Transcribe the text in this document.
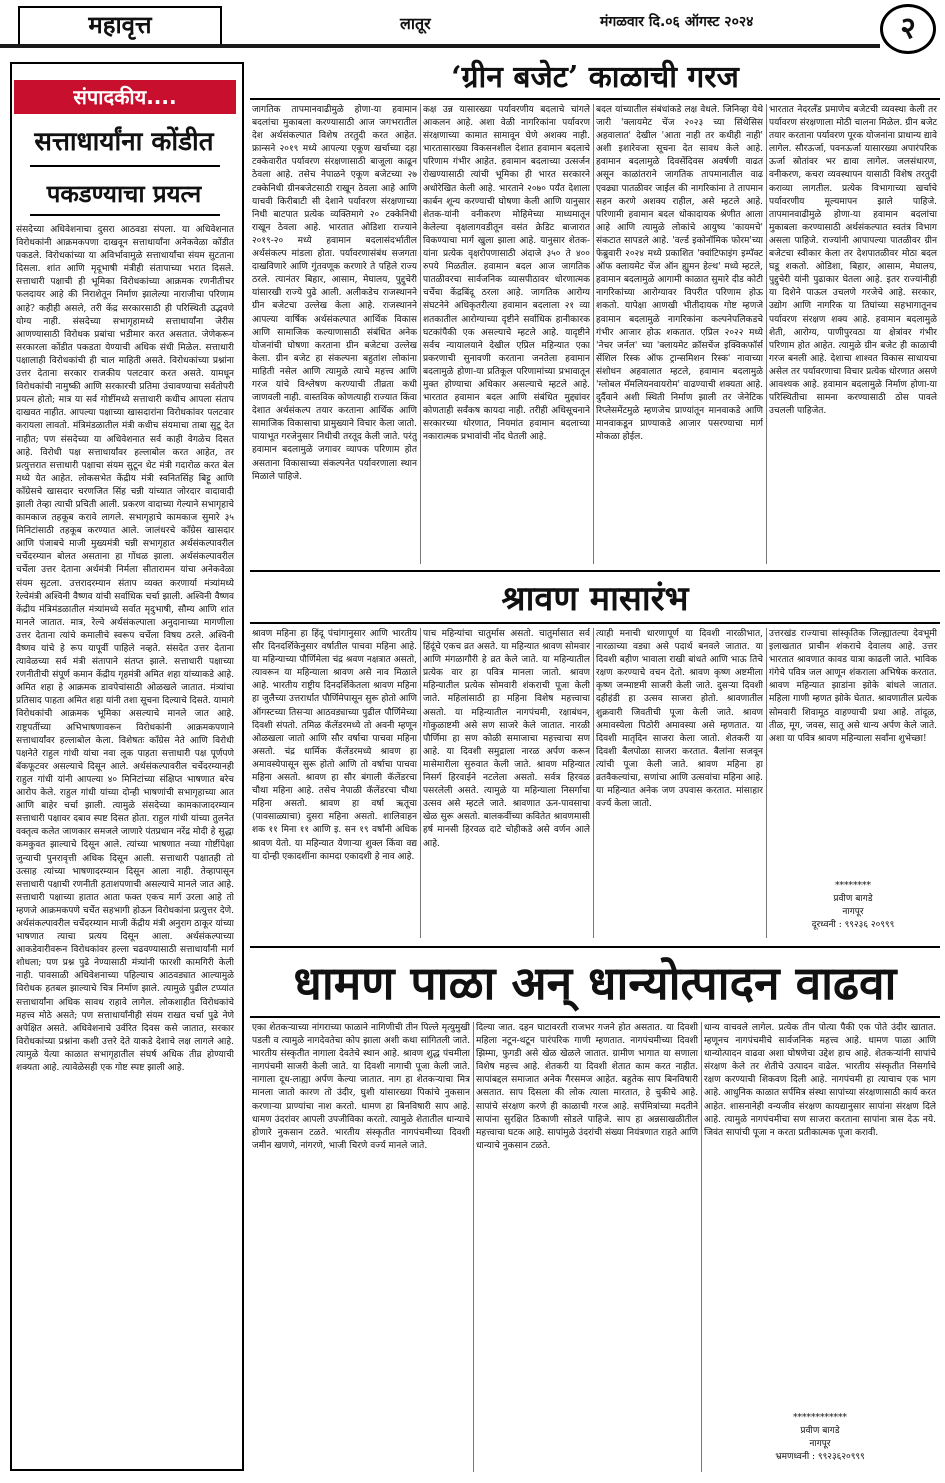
महावृत्त	लातूर	मंगळवार दि.०६ ऑगस्ट २०२४	२
संपादकीय....
सत्ताधार्यांना कोंडीत
पकडण्याचा प्रयत्न
संसदेच्या अधिवेशनाचा दुसरा आठवडा संपला. या अधिवेशनात विरोधकांनी आक्रमकपणा दाखवून सत्ताधार्यांना अनेकवेळा कोंडीत पकडले. विरोधकांच्या या अविर्भावामुळे सत्ताधार्यांचा संयम सुटताना दिसला. शांत आणि मृदूभाषी मंत्रीही संतापाच्या भरात दिसले. सत्ताधारी पक्षाची ही भूमिका विरोधकांच्या आक्रमक रणनीतीचर फलदायर आहे की निराशेतून निर्माण झालेल्या नाराजीचा परिणाम आहे? कहीही असले, तरी केंद्र सरकारसाठी ही परिस्थिती उद्भवणे योग्य नाही. संसदेच्या सभागृहामध्ये सत्ताधार्यांना जेरीस आणण्यासाठी विरोधक प्रबांचा भडीमार करत असतात. जेणेकरून सरकारला कोंडीत पकडता येण्याची अधिक संधी मिळेल. सत्ताधारी पक्षालाही विरोधकांची ही चाल माहिती असते. विरोधकांच्या प्रश्नांना उत्तर देताना सरकार राजकीय पलटवार करत असते. यामधून विरोधकांची नामुष्की आणि सरकारची प्रतिमा उंचावण्याचा सर्वतोपरी प्रयत्न होतो; मात्र या सर्व गोष्टींमध्ये सत्ताधारी कधीच आपला संताप दाखवत नाहीत. आपल्या पक्षाच्या खासदारांना विरोधकांवर पलटवार करायला लावतो. मंत्रिमंडळातील मंत्री कधीच संयमाचा ताबा सुटू देत नाहीत; पण संसदेच्या या अधिवेशनात सर्व काही वेगळेच दिसत आहे. विरोधी पक्ष सत्ताधार्यांवर हल्लाबोल करत आहेत, तर प्रत्युत्तरात सत्ताधारी पक्षाचा संयम सुटून थेट मंत्री गदारोळ करत बेल मध्ये येत आहेत. लोकसभेत केंद्रीय मंत्री स्वनितसिंह बिट्टू आणि काँग्रेसचे खासदार चरणजित सिंह चन्नी यांच्यात जोरदार वादावादी झाली तेव्हा त्याची प्रचिती आली. प्रकरण वादाच्या गेल्याने सभागृहाचे कामकाज तहकूब करावे लागले. सभागृहाचे कामकाज सुमारे ३५ मिनिटांसाठी तहकूब करण्यात आले. जालंधरचे काँग्रेस खासदार आणि पंजाबचे माजी मुख्यमंत्री चन्नी सभागृहात अर्थसंकल्पावरील चर्चेदरम्यान बोलत असताना हा गोंधळ झाला. अर्थसंकल्पावरील चर्चेला उत्तर देताना अर्थमंत्री निर्मला सीतारामन यांचा अनेकवेळा संयम सुटला. उत्तरादरम्यान संताप व्यक्त करणार्या मंत्र्यांमध्ये रेल्वेमंत्री अश्विनी वैष्णव यांची सर्वाधिक चर्चा झाली. अश्विनी वैष्णव केंद्रीय मंत्रिमंडळातील मंत्र्यांमध्ये सर्वात मृदुभाषी, सौम्य आणि शांत मानले जातात. मात्र, रेल्वे अर्थसंकल्पाला अनुदानाच्या मागणीला उत्तर देताना त्यांचे कमालीचे स्वरूप चर्चेला विषय ठरले. अश्विनी वैष्णव यांचे हे रूप यापूर्वी पाहिले नव्हते. संसदेत उत्तर देताना त्यावेळच्या सर्व मंत्री संतापाने संतप्त झाले. सत्ताधारी पक्षाच्या रणनीतीची संपूर्ण कमान केंद्रीय गृहमंत्री अमित शहा यांच्याकडे आहे. अमित शहा हे आक्रमक डावपेचांसाठी ओळखले जातात. मंत्र्यांचा प्रतिसाद पाहता अमित शहा यांनी तशा सूचना दिल्याचे दिसते. यामागे विरोधकांची आक्रमक भूमिका असल्याचे मानले जात आहे. राष्ट्रपतींच्या अभिभाषणावरून विरोधकांनी आक्रमकपणाने सत्ताधार्यांवर हल्लाबोल केला. विशेषतः काँग्रेस नेते आणि विरोधी पक्षनेते राहुल गांधी यांचा नवा लूक पाहता सत्ताधारी पक्ष पूर्णपणे बॅकफूटवर असल्याचे दिसून आले. अर्थसंकल्पावरील चर्चेदरम्यानही राहुल गांधी यांनी आपल्या ४० मिनिटांच्या संक्षिप्त भाषणात बरेच आरोप केले. राहुल गांधी यांच्या दोन्ही भाषणांची सभागृहाच्या आत आणि बाहेर चर्चा झाली. त्यामुळे संसदेच्या कामकाजादरम्यान सत्ताधारी पक्षावर दबाव स्पष्ट दिसत होता. राहुल गांधी यांच्या तुलनेत वक्तृत्व कलेत जाणकार समजले जाणारे पंतप्रधान नरेंद्र मोदी हे सुद्धा कमकुवत झाल्याचे दिसून आले. त्यांच्या भाषणात नव्या गोष्टींपेक्षा जुन्याची पुनरावृत्ती अधिक दिसून आली. सत्ताधारी पक्षातही तो उत्साह त्यांच्या भाषणादरम्यान दिसून आला नाही. तेव्हापासून सत्ताधारी पक्षाची रणनीती हताशपणाची असल्याचे मानले जात आहे. सत्ताधारी पक्षाच्या हातात आता फक्त एकच मार्ग उरला आहे तो म्हणजे आक्रमकपणे चर्चेत सहभागी होऊन विरोधकांना प्रत्युत्तर देणे. अर्थसंकल्पावरील चर्चेदरम्यान माजी केंद्रीय मंत्री अनुराग ठाकूर यांच्या भाषणात त्याचा प्रत्यय दिसून आला. अर्थसंकल्पाच्या आकडेवारीवरून विरोधकांवर हल्ला चढवण्यासाठी सत्ताधार्यांनी मार्ग शोधला; पण प्रश्न पुढे नेण्यासाठी मंत्र्यांनी फारशी कामगिरी केली नाही. पावसाळी अधिवेशनाच्या पहिल्याच आठवड्यात आल्यामुळे विरोधक हतबल झाल्याचे चित्र निर्माण झाले. त्यामुळे पुढील टप्प्यांत सत्ताधार्यांना अधिक सावध राहावे लागेल. लोकशाहीत विरोधकांचे महत्त्व मोठे असते; पण सत्ताधार्यांनीही संयम राखत चर्चा पुढे नेणे अपेक्षित असते. अधिवेशनाचे उर्वरित दिवस कसे जातात, सरकार विरोधकांच्या प्रश्नांना कशी उत्तरे देते याकडे देशाचे लक्ष लागले आहे. त्यामुळे येत्या काळात सभागृहातील संघर्ष अधिक तीव्र होण्याची शक्यता आहे. त्यावेळेसही एक गोष्ट स्पष्ट झाली आहे.
‘ग्रीन बजेट’ काळाची गरज
जागतिक तापमानवाढीमुळे होणा-या हवामान बदलांचा मुकाबला करण्यासाठी आज जगभरातील देश अर्थसंकल्पात विशेष तरतुदी करत आहेत. फ्रान्सने २०१९ मध्ये आपल्या एकूण खर्चाच्या दहा टक्केवारीत पर्यावरण संरक्षणासाठी बाजूला काढून ठेवला आहे. तसेच नेपाळने एकूण बजेटच्या २७ टक्केनिधी ग्रीनबजेटसाठी राखून ठेवला आहे आणि याचवी किरीबाटी सी देशाने पर्यावरण संरक्षणाच्या निधी बाटपात प्रत्येक व्यक्तिमागे २० टक्केनिधी राखून ठेवला आहे. भारतात ओडिशा राज्याने २०१९-२० मध्ये हवामान बदलासंदर्भातील अर्थसंकल्प मांडला होता. पर्यावरणासंबंध सजगता दाखविणारे आणि गुंतवणूक करणारे ते पहिले राज्य ठरले. त्यानंतर बिहार, आसाम, मेघालय, पुद्दुचेरी यांसारखी राज्ये पुढे आली. अलीकडेच राजस्थानने ग्रीन बजेटचा उल्लेख केला आहे. राजस्थानने आपल्या वार्षिक अर्थसंकल्पात आर्थिक विकास आणि सामाजिक कल्याणासाठी संबंधित अनेक योजनांची घोषणा करताना ग्रीन बजेटचा उल्लेख केला. ग्रीन बजेट हा संकल्पना बहुतांश लोकांना माहिती नसेल आणि त्यामुळे त्याचे महत्त्व आणि गरज यांचे विश्लेषण करण्याची तीव्रता कधी जाणवली नाही. वास्तविक कोणत्याही राज्यात किंवा देशात अर्थसंकल्प तयार करताना आर्थिक आणि सामाजिक विकासाचा प्रामुख्याने विचार केला जातो. पायाभूत गरजेनुसार निधीची तरतूद केली जाते. परंतु हवामान बदलामुळे जगावर व्यापक परिणाम होत असताना विकासाच्या संकल्पनेत पर्यावरणाला स्थान मिळाले पाहिजे.
कक्ष उन्न यासारख्या पर्यावरणीय बदलाचे चांगले आकलन आहे. अशा वेळी नागरिकांना पर्यावरण संरक्षणाच्या कामात सामावून घेणे अशक्य नाही. भारतासारख्या विकसनशील देशात हवामान बदलाचे परिणाम गंभीर आहेत. हवामान बदलाच्या उत्सर्जन रोखण्यासाठी त्यांची भूमिका ही भारत सरकारने अधोरेखित केली आहे. भारताने २०७० पर्यंत देशाला कार्बन शून्य करण्याची घोषणा केली आणि यानुसार शेतक-यांनी वनीकरण मोहिमेच्या माध्यमातून केलेल्या वृक्षलागवडीतून वसंत क्रेडिट बाजारात विकण्याचा मार्ग खुला झाला आहे. यानुसार शेतक-यांना प्रत्येक वृक्षरोपणासाठी अंदाजे ३५० ते ४०० रुपये मिळतील. हवामान बदल आज जागतिक पातळीवरचा सार्वजनिक व्यासपीठावर धोरणात्मक चर्चेचा केंद्रबिंदू ठरला आहे. जागतिक आरोग्य संघटनेने अधिकृतरीत्या हवामान बदलाला २१ व्या शतकातील आरोग्याच्या दृष्टीने सर्वाधिक हानीकारक घटकांपैकी एक असल्याचे म्हटले आहे. यादृष्टीने सर्वच न्यायालयाने देखील एप्रिल महिन्यात एका प्रकरणाची सुनावणी करताना जनतेला हवामान बदलामुळे होणा-या प्रतिकूल परिणामांच्या प्रभावातून मुक्त होण्याचा अधिकार असल्याचे म्हटले आहे. भारतात हवामान बदल आणि संबंधित मुद्द्यांवर कोणताही सर्वंकष कायदा नाही. तरीही अधिसूचनाने सरकारच्या धोरणात, नियमांत हवामान बदलाच्या नकारात्मक प्रभावांची नोंद घेतली आहे.
बदल यांच्यातील संबंधांकडे लक्ष वेधले. जिनिव्हा येथे जारी 'क्लायमेट चेंज २०२३ च्या सिंथेसिस अहवालात' देखील 'आता नाही तर कधीही नाही' अशी इशारेवजा सूचना देत सावध केले आहे. हवामान बदलामुळे दिवसेंदिवस अवर्षणी वाढत असून काळांतराने जागतिक तापमानातील वाढ एवढ्या पातळीवर जाईल की नागरिकांना ते तापमान सहन करणे अशक्य राहील, असे म्हटले आहे. परिणामी हवामान बदल धोकादायक श्रेणीत आला आहे आणि त्यामुळे लोकांचे आयुष्य 'कायमचे' संकटात सापडले आहे. 'वर्ल्ड इकोनॉमिक फोरम'च्या फेब्रुवारी २०२४ मध्ये प्रकाशित 'क्वांटिफाइंग इम्पॅक्ट ऑफ क्लायमेट चेंज ऑन ह्युमन हेल्थ' मध्ये म्हटले, हवामान बदलामुळे आगामी काळात सुमारे दीड कोटी नागरिकांच्या आरोग्यावर विपरीत परिणाम होऊ शकतो. यापेक्षा आणखी भीतीदायक गोष्ट म्हणजे हवामान बदलामुळे नागरिकांना कल्पनेपलिकडचे गंभीर आजार होऊ शकतात. एप्रिल २०२२ मध्ये 'नेचर जर्नल' च्या 'क्लायमेट क्रॉसचेंज इक्विकफॉर्स सेंशिल रिस्क ऑफ ट्रान्समिशन रिस्क' नावाच्या संशोधन अहवालात म्हटले, हवामान बदलामुळे 'ग्लोबल मॅमलियनवायरोम' वाढण्याची शक्यता आहे. दुर्दैवाने अशी स्थिती निर्माण झाली तर जेनेटिक रिप्लेसमेंटमुळे म्हणजेच प्राण्यांतून मानवाकडे आणि मानवाकडून प्राण्याकडे आजार पसरण्याचा मार्ग मोकळा होईल.
भारतात नेदरलँड प्रमाणेच बजेटची व्यवस्था केली तर पर्यावरण संरक्षणाला मोठी चालना मिळेल. ग्रीन बजेट तयार करताना पर्यावरण पूरक योजनांना प्राधान्य द्यावे लागेल. सौरऊर्जा, पवनऊर्जा यासारख्या अपारंपरिक ऊर्जा स्रोतांवर भर द्यावा लागेल. जलसंधारण, वनीकरण, कचरा व्यवस्थापन यासाठी विशेष तरतुदी कराव्या लागतील. प्रत्येक विभागाच्या खर्चाचे पर्यावरणीय मूल्यमापन झाले पाहिजे. तापमानवाढीमुळे होणा-या हवामान बदलांचा मुकाबला करण्यासाठी अर्थसंकल्पात स्वतंत्र विभाग असला पाहिजे. राज्यांनी आपापल्या पातळीवर ग्रीन बजेटचा स्वीकार केला तर देशपातळीवर मोठा बदल घडू शकतो. ओडिशा, बिहार, आसाम, मेघालय, पुद्दुचेरी यांनी पुढाकार घेतला आहे. इतर राज्यांनीही या दिशेने पाऊल उचलणे गरजेचे आहे. सरकार, उद्योग आणि नागरिक या तिघांच्या सहभागातूनच पर्यावरण संरक्षण शक्य आहे. हवामान बदलामुळे शेती, आरोग्य, पाणीपुरवठा या क्षेत्रांवर गंभीर परिणाम होत आहेत. त्यामुळे ग्रीन बजेट ही काळाची गरज बनली आहे. देशाचा शाश्वत विकास साधायचा असेल तर पर्यावरणाचा विचार प्रत्येक धोरणात असणे आवश्यक आहे. हवामान बदलामुळे निर्माण होणा-या परिस्थितीचा सामना करण्यासाठी ठोस पावले उचलली पाहिजेत.
श्रावण मासारंभ
श्रावण महिना हा हिंदू पंचांगानुसार आणि भारतीय सौर दिनदर्शिकेनुसार वर्षातील पाचवा महिना आहे. या महिन्याच्या पौर्णिमेला चंद्र श्रवण नक्षत्रात असतो, त्यावरून या महिन्याला श्रावण असे नाव मिळाले आहे. भारतीय राष्ट्रीय दिनदर्शिकेतला श्रावण महिना हा जुलैच्या उत्तरार्धात पौर्णिमेपासून सुरू होतो आणि ऑगस्टच्या तिसऱ्या आठवड्याच्या पुढील पौर्णिमेच्या दिवशी संपतो. तमिळ कॅलेंडरमध्ये तो अवनी म्हणून ओळखला जातो आणि सौर वर्षाचा पाचवा महिना असतो. चंद्र धार्मिक कॅलेंडरमध्ये श्रावण हा अमावस्येपासून सुरू होतो आणि तो वर्षाचा पाचवा महिना असतो. श्रावण हा सौर बंगाली कॅलेंडरचा चौथा महिना आहे. तसेच नेपाळी कॅलेंडरचा चौथा महिना असतो. श्रावण हा वर्षा ऋतूचा (पावसाळ्याचा) दुसरा महिना असतो. शालिवाहन शक ११ मिना ११ आणि इ. सन १९ वर्षांनी अधिक श्रावण येतो. या महिन्यात येणाऱ्या शुक्ल किंवा वद्य या दोन्ही एकादशींना कामदा एकादशी हे नाव आहे.
पाच महिन्यांचा चातुर्मास असतो. चातुर्मासात सर्व हिंदूंचे एकच व्रत असते. या महिन्यात श्रावण सोमवार आणि मंगळागौरी हे व्रत केले जाते. या महिन्यातील प्रत्येक वार हा पवित्र मानला जातो. श्रावण महिन्यातील प्रत्येक सोमवारी शंकराची पूजा केली जाते. महिलांसाठी हा महिना विशेष महत्त्वाचा असतो. या महिन्यातील नागपंचमी, रक्षाबंधन, गोकुळाष्टमी असे सण साजरे केले जातात. नारळी पौर्णिमा हा सण कोळी समाजाचा महत्त्वाचा सण आहे. या दिवशी समुद्राला नारळ अर्पण करून मासेमारीला सुरुवात केली जाते. श्रावण महिन्यात निसर्ग हिरवाईने नटलेला असतो. सर्वत्र हिरवळ पसरलेली असते. त्यामुळे या महिन्याला निसर्गाचा उत्सव असे म्हटले जाते. श्रावणात ऊन-पावसाचा खेळ सुरू असतो. बालकवींच्या कवितेत श्रावणमासी हर्ष मानसी हिरवळ दाटे चोहीकडे असे वर्णन आले आहे.
त्याही मनाची धारणापूर्ण या दिवशी नारळीभात, नारळाच्या वड्या असे पदार्थ बनवले जातात. या दिवशी बहीण भावाला राखी बांधते आणि भाऊ तिचे रक्षण करण्याचे वचन देतो. श्रावण कृष्ण अष्टमीला कृष्ण जन्माष्टमी साजरी केली जाते. दुसऱ्या दिवशी दहीहंडी हा उत्सव साजरा होतो. श्रावणातील शुक्रवारी जिवतीची पूजा केली जाते. श्रावण अमावस्येला पिठोरी अमावस्या असे म्हणतात. या दिवशी मातृदिन साजरा केला जातो. शेतकरी या दिवशी बैलपोळा साजरा करतात. बैलांना सजवून त्यांची पूजा केली जाते. श्रावण महिना हा व्रतवैकल्यांचा, सणांचा आणि उत्सवांचा महिना आहे. या महिन्यात अनेक जण उपवास करतात. मांसाहार वर्ज्य केला जातो.
उत्तरखंड राज्याचा सांस्कृतिक जिल्ह्यातल्या देवभूमी इलाखतात प्राचीन शंकराचे देवालय आहे. उत्तर भारतात श्रावणात कावड यात्रा काढली जाते. भाविक गंगेचे पवित्र जल आणून शंकराला अभिषेक करतात. श्रावण महिन्यात झाडांना झोके बांधले जातात. महिला गाणी म्हणत झोके घेतात. श्रावणातील प्रत्येक सोमवारी शिवामूठ वाहण्याची प्रथा आहे. तांदूळ, तीळ, मूग, जवस, सातू असे धान्य अर्पण केले जाते. अशा या पवित्र श्रावण महिन्याला सर्वांना शुभेच्छा!
********
प्रवीण बागडे
नागपूर
दूरध्वनी : ९९२३६ २०९९९
धामण पाळा अन् धान्योत्पादन वाढवा
एका शेतकऱ्याच्या नांगराच्या फाळाने नागिणीची तीन पिल्ले मृत्युमुखी पडली व त्यामुळे नागदेवतेचा कोप झाला अशी कथा सांगितली जाते. भारतीय संस्कृतीत नागाला देवतेचे स्थान आहे. श्रावण शुद्ध पंचमीला नागपंचमी साजरी केली जाते. या दिवशी नागाची पूजा केली जाते. नागाला दूध-लाह्या अर्पण केल्या जातात. नाग हा शेतकऱ्याचा मित्र मानला जातो कारण तो उंदीर, घुशी यांसारख्या पिकांचे नुकसान करणाऱ्या प्राण्यांचा नाश करतो. धामण हा बिनविषारी साप आहे. धामण उंदरांवर आपली उपजीविका करतो. त्यामुळे शेतातील धान्याचे होणारे नुकसान टळते. भारतीय संस्कृतीत नागपंचमीच्या दिवशी जमीन खणणे, नांगरणे, भाजी चिरणे वर्ज्य मानले जाते.
दिल्या जात. दहन घाटावरती राजभर गजने होत असतात. या दिवशी महिला नटून-थटून पारंपरिक गाणी म्हणतात. नागपंचमीच्या दिवशी झिम्मा, फुगडी असे खेळ खेळले जातात. ग्रामीण भागात या सणाला विशेष महत्त्व आहे. शेतकरी या दिवशी शेतात काम करत नाहीत. सापांबद्दल समाजात अनेक गैरसमज आहेत. बहुतेक साप बिनविषारी असतात. साप दिसला की लोक त्याला मारतात, हे चुकीचे आहे. सापांचे संरक्षण करणे ही काळाची गरज आहे. सर्पमित्रांच्या मदतीने सापांना सुरक्षित ठिकाणी सोडले पाहिजे. साप हा अन्नसाखळीतील महत्त्वाचा घटक आहे. सापांमुळे उंदरांची संख्या नियंत्रणात राहते आणि धान्याचे नुकसान टळते.
धान्य वाचवले लागेल. प्रत्येक तीन पोत्या पैकी एक पोते उंदीर खातात. म्हणूनच नागपंचमीचे सार्वजनिक महत्त्व आहे. धामण पाळा आणि धान्योत्पादन वाढवा अशा घोषणेचा उद्देश हाच आहे. शेतकऱ्यांनी सापांचे संरक्षण केले तर शेतीचे उत्पादन वाढेल. भारतीय संस्कृतीत निसर्गाचे रक्षण करण्याची शिकवण दिली आहे. नागपंचमी हा त्याचाच एक भाग आहे. आधुनिक काळात सर्पमित्र संस्था सापांच्या संरक्षणासाठी कार्य करत आहेत. शासनानेही वन्यजीव संरक्षण कायद्यानुसार सापांना संरक्षण दिले आहे. त्यामुळे नागपंचमीचा सण साजरा करताना सापांना त्रास देऊ नये. जिवंत सापांची पूजा न करता प्रतीकात्मक पूजा करावी.
************
प्रवीण बागडे
नागपूर
भ्रमणध्वनी : ९९२३६२०९९९
